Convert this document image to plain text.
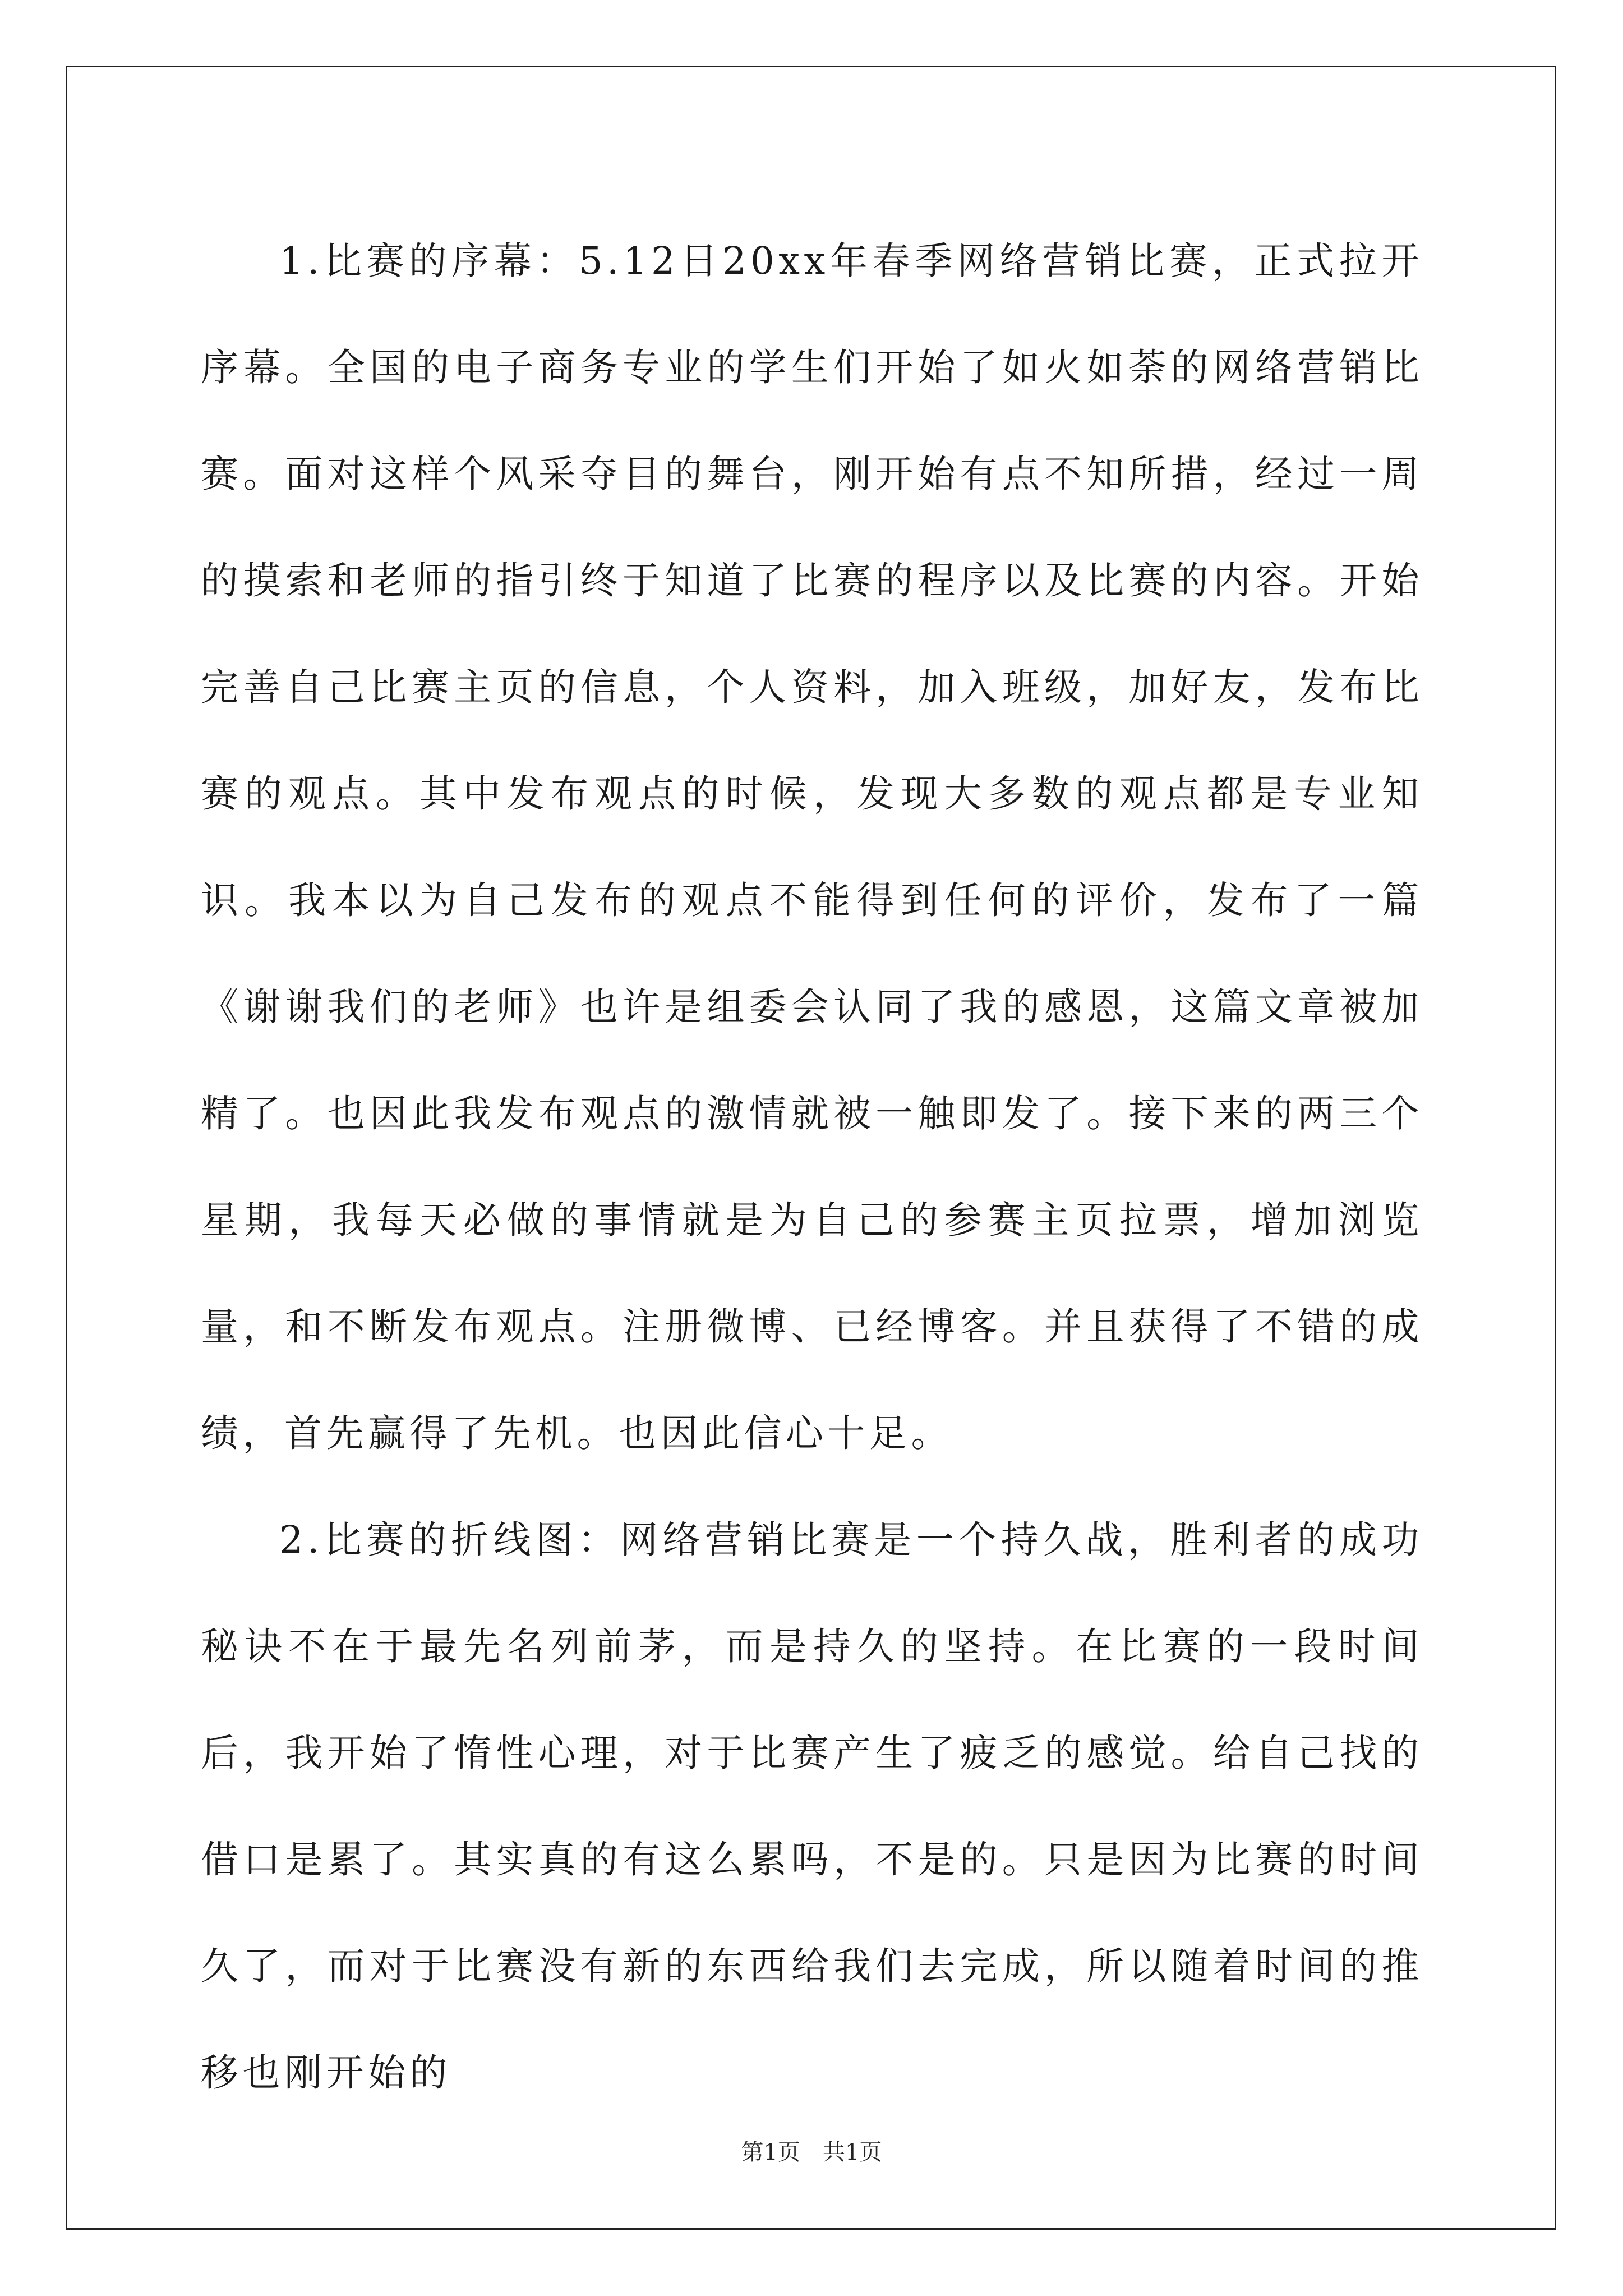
1.比赛的序幕：5.12日20xx年春季网络营销比赛，正式拉开序幕。全国的电子商务专业的学生们开始了如火如荼的网络营销比赛。面对这样个风采夺目的舞台，刚开始有点不知所措，经过一周的摸索和老师的指引终于知道了比赛的程序以及比赛的内容。开始完善自己比赛主页的信息，个人资料，加入班级，加好友，发布比赛的观点。其中发布观点的时候，发现大多数的观点都是专业知识。我本以为自己发布的观点不能得到任何的评价，发布了一篇《谢谢我们的老师》也许是组委会认同了我的感恩，这篇文章被加精了。也因此我发布观点的激情就被一触即发了。接下来的两三个星期，我每天必做的事情就是为自己的参赛主页拉票，增加浏览量，和不断发布观点。注册微博、已经博客。并且获得了不错的成绩，首先赢得了先机。也因此信心十足。

2.比赛的折线图：网络营销比赛是一个持久战，胜利者的成功秘诀不在于最先名列前茅，而是持久的坚持。在比赛的一段时间后，我开始了惰性心理，对于比赛产生了疲乏的感觉。给自己找的借口是累了。其实真的有这么累吗，不是的。只是因为比赛的时间久了，而对于比赛没有新的东西给我们去完成，所以随着时间的推移也刚开始的

第1页 共1页
